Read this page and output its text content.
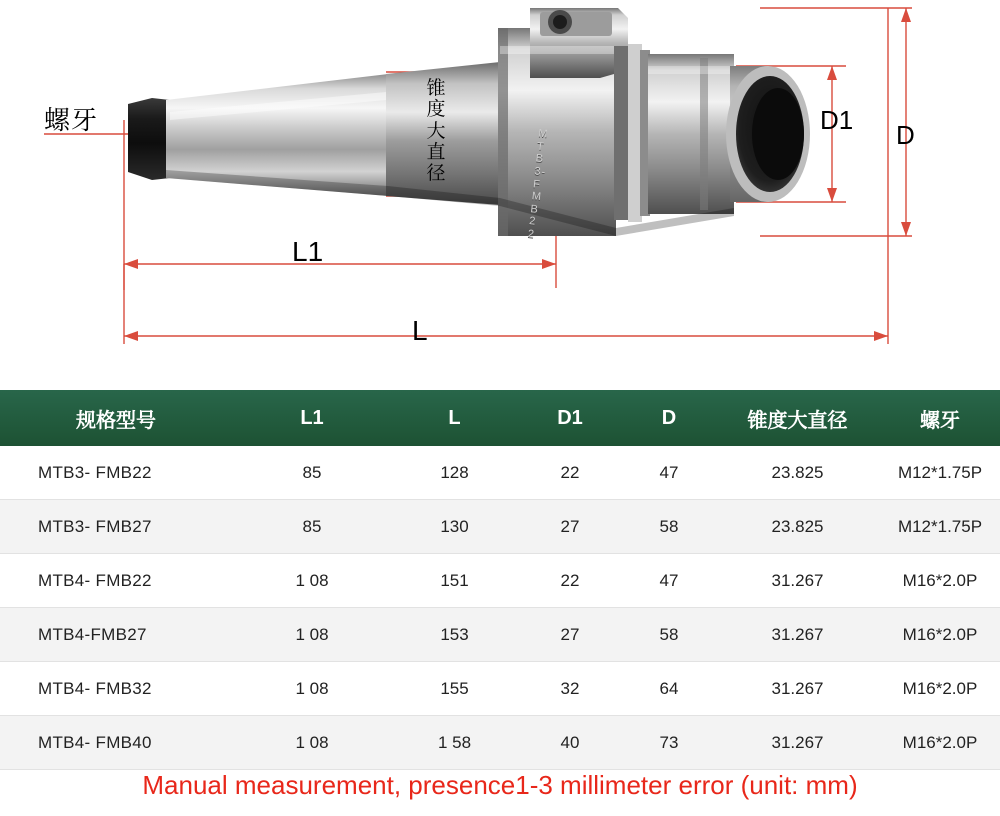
螺牙
锥度大直径
L1
L
D1 D
MTB3-FMB22
规格型号	L1	L	D1	D	锥度大直径	螺牙
MTB3- FMB22	85	128	22	47	23.825	M12*1.75P
MTB3- FMB27	85	130	27	58	23.825	M12*1.75P
MTB4- FMB22	1 08	151	22	47	31.267	M16*2.0P
MTB4-FMB27	1 08	153	27	58	31.267	M16*2.0P
MTB4- FMB32	1 08	155	32	64	31.267	M16*2.0P
MTB4- FMB40	1 08	1 58	40	73	31.267	M16*2.0P
Manual measurement, presence1-3 millimeter error (unit: mm)
